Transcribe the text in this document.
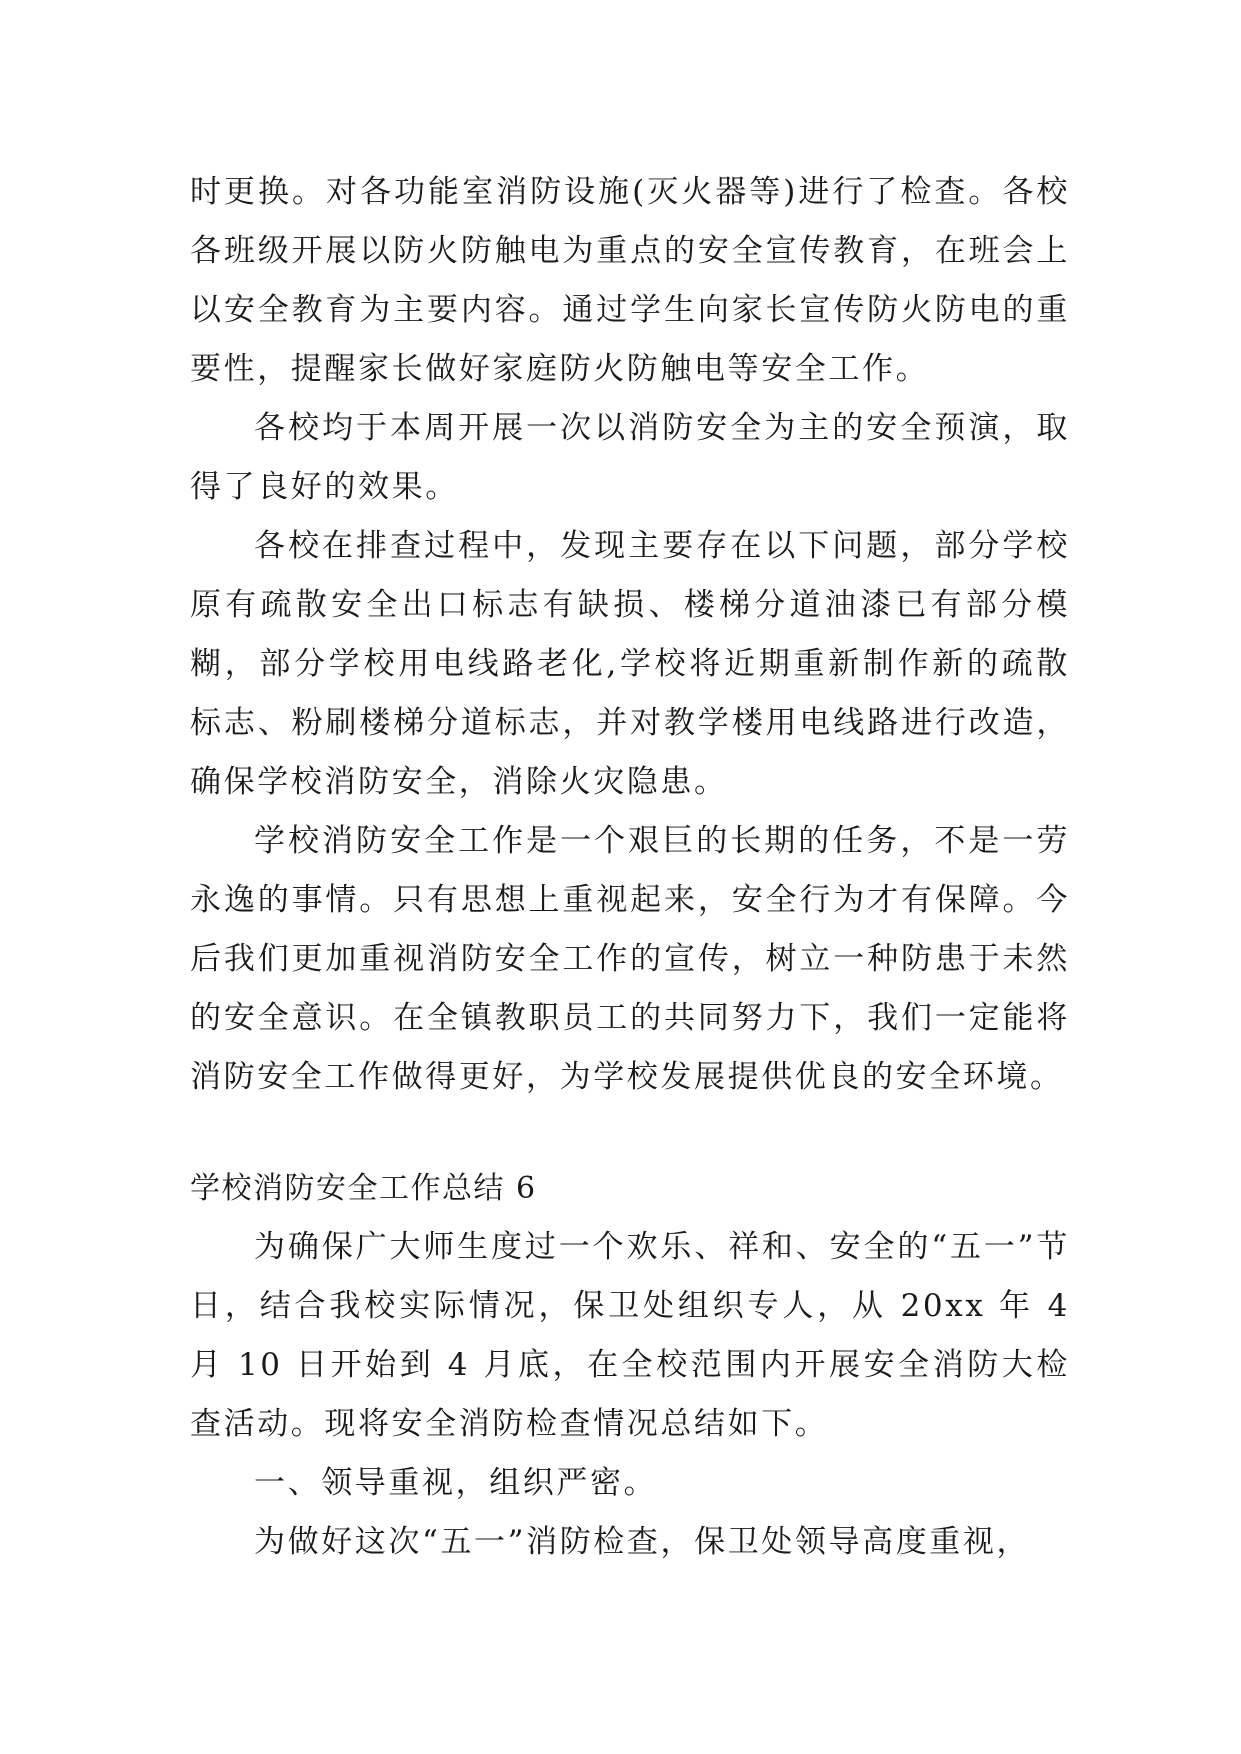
时更换。对各功能室消防设施(灭火器等)进行了检查。各校各班级开展以防火防触电为重点的安全宣传教育，在班会上以安全教育为主要内容。通过学生向家长宣传防火防电的重要性，提醒家长做好家庭防火防触电等安全工作。

各校均于本周开展一次以消防安全为主的安全预演，取得了良好的效果。

各校在排查过程中，发现主要存在以下问题，部分学校原有疏散安全出口标志有缺损、楼梯分道油漆已有部分模糊，部分学校用电线路老化,学校将近期重新制作新的疏散标志、粉刷楼梯分道标志，并对教学楼用电线路进行改造，确保学校消防安全，消除火灾隐患。

学校消防安全工作是一个艰巨的长期的任务，不是一劳永逸的事情。只有思想上重视起来，安全行为才有保障。今后我们更加重视消防安全工作的宣传，树立一种防患于未然的安全意识。在全镇教职员工的共同努力下，我们一定能将消防安全工作做得更好，为学校发展提供优良的安全环境。

学校消防安全工作总结 6

为确保广大师生度过一个欢乐、祥和、安全的“五一”节日，结合我校实际情况，保卫处组织专人，从 20xx 年 4 月 10 日开始到 4 月底，在全校范围内开展安全消防大检查活动。现将安全消防检查情况总结如下。

一、领导重视，组织严密。

为做好这次“五一”消防检查，保卫处领导高度重视，
